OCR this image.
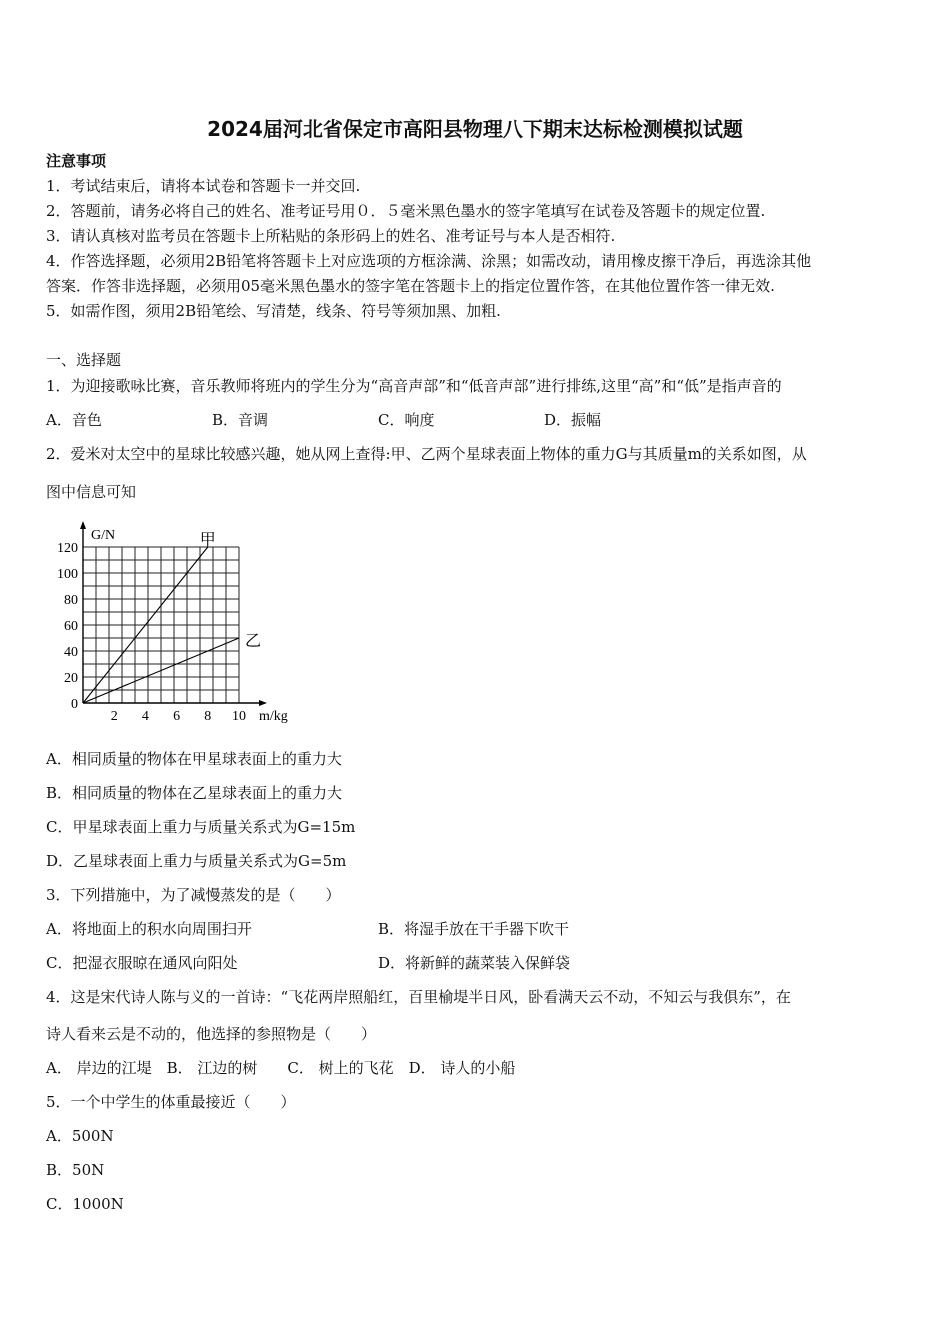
2024届河北省保定市高阳县物理八下期末达标检测模拟试题
注意事项
1．考试结束后，请将本试卷和答题卡一并交回.
2．答题前，请务必将自己的姓名、准考证号用０．５毫米黑色墨水的签字笔填写在试卷及答题卡的规定位置.
3．请认真核对监考员在答题卡上所粘贴的条形码上的姓名、准考证号与本人是否相符.
4．作答选择题，必须用2B铅笔将答题卡上对应选项的方框涂满、涂黑；如需改动，请用橡皮擦干净后，再选涂其他
答案．作答非选择题，必须用05毫米黑色墨水的签字笔在答题卡上的指定位置作答，在其他位置作答一律无效.
5．如需作图，须用2B铅笔绘、写清楚，线条、符号等须加黑、加粗.
一、选择题
1．为迎接歌咏比赛，音乐教师将班内的学生分为“高音声部”和“低音声部”进行排练,这里“高”和“低”是指声音的
A．音色	B．音调	C．响度	D．振幅
2．爱米对太空中的星球比较感兴趣，她从网上查得:甲、乙两个星球表面上物体的重力G与其质量m的关系如图，从
图中信息可知
0
20
40
60
80
100
120
2 4 6 8 10
G/N
m/kg
甲
乙
A．相同质量的物体在甲星球表面上的重力大
B．相同质量的物体在乙星球表面上的重力大
C．甲星球表面上重力与质量关系式为G=15m
D．乙星球表面上重力与质量关系式为G=5m
3．下列措施中，为了减慢蒸发的是（　　）
A．将地面上的积水向周围扫开	B．将湿手放在干手器下吹干
C．把湿衣服晾在通风向阳处	D．将新鲜的蔬菜装入保鲜袋
4．这是宋代诗人陈与义的一首诗：“飞花两岸照船红，百里榆堤半日风，卧看满天云不动，不知云与我俱东”，在
诗人看来云是不动的，他选择的参照物是（　　）
A． 岸边的江堤　B． 江边的树　　C． 树上的飞花　D． 诗人的小船
5．一个中学生的体重最接近（　　）
A．500N
B．50N
C．1000N
